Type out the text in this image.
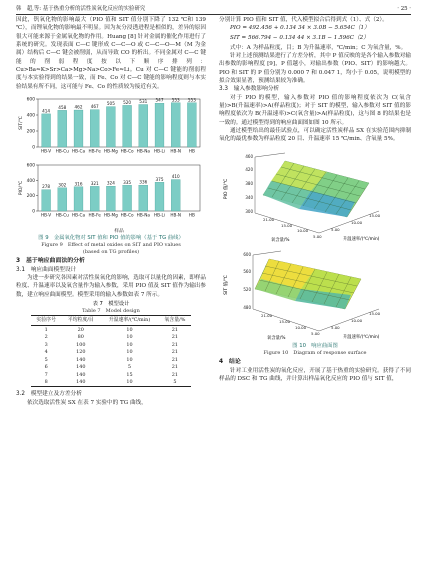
韩　超,等: 基于热重分析的活性炭氧化反应的实验研究	· 25 ·

因此，钒氧化物的影响最大（PIO 值和 SIT 值分别下降了 132 ℃和 139 ℃），而锂氧化物的影响最不明显。因为灰分浸透进程是相似的，差异的原因很大可能来源于金属氧化物的作用。Huang [8] 针对金属的催化作用进行了系统的研究。发现表面 C—C 键形成 C—C—O 或 C—C—O—M（M 为金属）结构后 C—C 键会被削弱，从而导致 CO 的析出。不同金属对 C—C 键能的削弱程度按以下顺序排列：Cu>Ba≈K>Sr>Ca>Mg>Na>Co>Fe≈Li。Cu 对 C—C 键能的削弱程度与本实验得到的结果一致，而 Fe、Co 对 C—C 键能的影响程度则与本实验结果有所不同，这可能与 Fe、Co 的性质较为接近有关。

0
200
400
600
SIT/℃
414
HB-V
458
HB-Cu
462
HB-Ca
467
HB-Fe
505
HB-Mg
520
HB-Co
531
HB-Na
547
HB-Li
553
HB-N
553
HB
0
200
400
600
PIO/℃	278
HB-V
302
HB-Cu
316
HB-Ca
321
HB-Fe
324
HB-Mg
335
HB-Co
336
HB-Na
375
HB-Li
410
HB-N HB
样品
图 9　金属氧化物对 SIT 值和 PIO 值的影响（基于 TG 曲线）
Figure 9　Effect of metal oxides on SIT and PIO values
(based on TG profiles)
3　基于响应曲面法的分析
3.1　响应曲面模型设计

为进一步研究各因素对活性炭氧化的影响，选取可以量化的因素，即样品粒度、升温速率以及氧含量作为输入参数，采用 PIO 值及 SIT 值作为输出参数，建立响应曲面模型。模型采用的输入参数如表 7 所示。

表 7　模型设计
Table 7　Model design
实验序号	平均粒度/目	升温速率/(℃/min)	氧含量/%
1	20	10	21
2	80	10	21
3	100	10	21
4	120	10	21
5	140	10	21
6	140	5	21
7	140	15	21
8	140	10	5
3.2　模型建立及方差分析

依次选取活性炭 SX 在表 7 实验中的 TG 曲线，

分别计算 PIO 值和 SIT 值，代入模型拟合后得到式（1）、式（2）。

PIO = 492.456 + 0.134 34 × 3.0B − 5.654C（1）
SIT = 566.794 − 0.134 44 × 3.1B − 1.596C（2）

式中：A 为样品粒度，目；B 为升温速率，℃/min；C 为氧含量，%。

针对上述预测结果进行了方差分析，其中 P 值反映的是各个输入参数对输出参数的影响程度 [9]，P 值越小，对输出参数（PIO、SIT）的影响越大。PIO 和 SIT 的 P 值分别为 0.000 7 和 0.047 1，均小于 0.05，说明模型的拟合效果显著，预测结果较为准确。

3.3　输入参数影响分析

对于 PIO 的模型，输入参数对 PIO 值的影响程度依次为 C(氧含量)>B(升温速率)>A(样品粒度)；对于 SIT 的模型，输入参数对 SIT 值的影响程度依次为 B(升温速率)>C(氧含量)>A(样品粒度)，这与图 8 的结果也是一致的。通过模型得到的响应曲面图如图 10 所示。

通过模型给出的最佳试验点，可以确定活性炭样品 SX 在实验范围内抑制氧化的最优参数为样品粒度 20 目、升温速率 15 ℃/min、含氧量 5%。

PIO 值/℃
300
340
380
420
460
21.00
15.00
10.00
5.00
5.00
10.00
15.00
氧含量/%	升温速率/(℃/min)
SIT 值/℃
480
520
560
600
21.00
15.00
10.00
5.00
5.00
10.00
15.00
氧含量/%	升温速率/(℃/min)
图 10　响应曲面图
Figure 10　Diagram of response surface
4　结论

针对工业用活性炭的氧化反应，开展了基于热重的实验研究。获得了不同样品的 DSC 和 TG 曲线，并计算出样品氧化反应的 PIO 值与 SIT 值，
